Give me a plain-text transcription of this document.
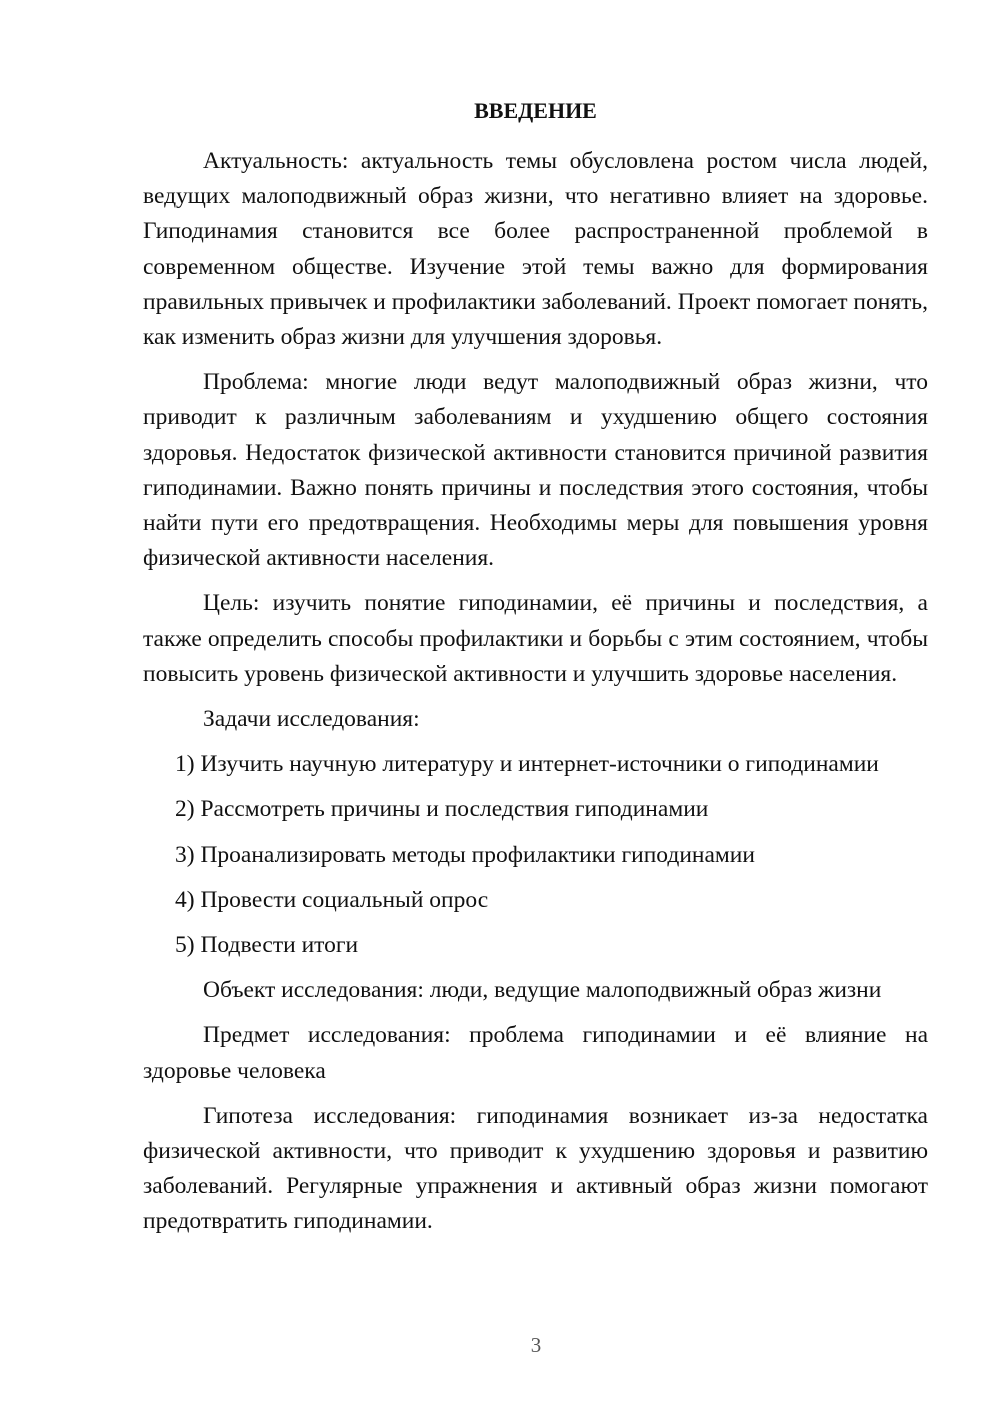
ВВЕДЕНИЕ

Актуальность: актуальность темы обусловлена ростом числа людей, ведущих малоподвижный образ жизни, что негативно влияет на здоровье. Гиподинамия становится все более распространенной проблемой в современном обществе. Изучение этой темы важно для формирования правильных привычек и профилактики заболеваний. Проект помогает понять, как изменить образ жизни для улучшения здоровья.

Проблема: многие люди ведут малоподвижный образ жизни, что приводит к различным заболеваниям и ухудшению общего состояния здоровья. Недостаток физической активности становится причиной развития гиподинамии. Важно понять причины и последствия этого состояния, чтобы найти пути его предотвращения. Необходимы меры для повышения уровня физической активности населения.

Цель: изучить понятие гиподинамии, её причины и последствия, а также определить способы профилактики и борьбы с этим состоянием, чтобы повысить уровень физической активности и улучшить здоровье населения.

Задачи исследования:

1) Изучить научную литературу и интернет-источники о гиподинамии
2) Рассмотреть причины и последствия гиподинамии
3) Проанализировать методы профилактики гиподинамии
4) Провести социальный опрос
5) Подвести итоги

Объект исследования: люди, ведущие малоподвижный образ жизни

Предмет исследования: проблема гиподинамии и её влияние на здоровье человека

Гипотеза исследования: гиподинамия возникает из-за недостатка физической активности, что приводит к ухудшению здоровья и развитию заболеваний. Регулярные упражнения и активный образ жизни помогают предотвратить гиподинамии.

3
